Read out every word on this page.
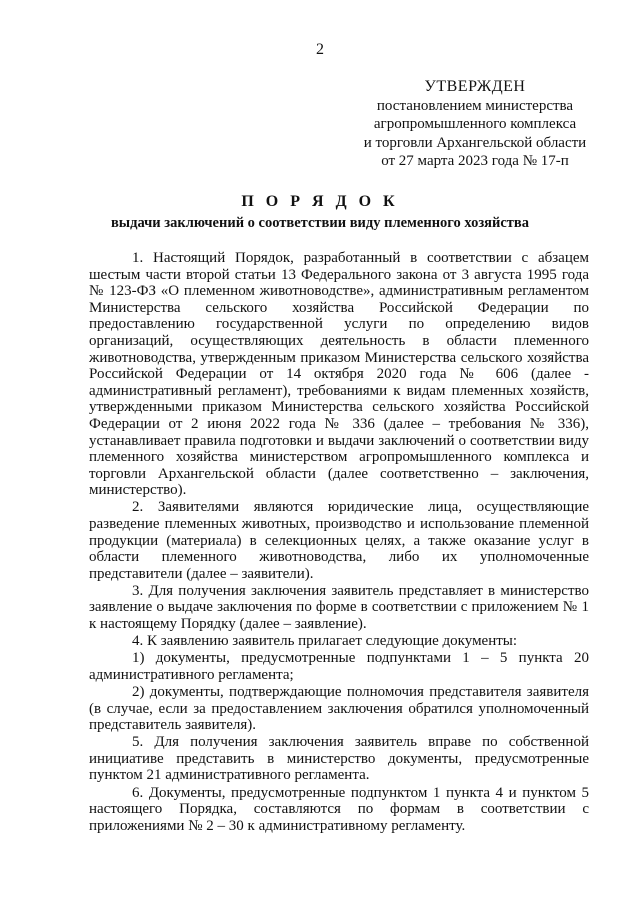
2
УТВЕРЖДЕН
постановлением министерства
агропромышленного комплекса
и торговли Архангельской области
от 27 марта 2023 года № 17-п
П О Р Я Д О К
выдачи заключений о соответствии виду племенного хозяйства

1. Настоящий Порядок, разработанный в соответствии с абзацем шестым части второй статьи 13 Федерального закона от 3 августа 1995 года № 123-ФЗ «О племенном животноводстве», административным регламентом Министерства сельского хозяйства Российской Федерации по предоставлению государственной услуги по определению видов организаций, осуществляющих деятельность в области племенного животноводства, утвержденным приказом Министерства сельского хозяйства Российской Федерации от 14 октября 2020 года № 606 (далее - административный регламент), требованиями к видам племенных хозяйств, утвержденными приказом Министерства сельского хозяйства Российской Федерации от 2 июня 2022 года № 336 (далее – требования № 336), устанавливает правила подготовки и выдачи заключений о соответствии виду племенного хозяйства министерством агропромышленного комплекса и торговли Архангельской области (далее соответственно – заключения, министерство).

2. Заявителями являются юридические лица, осуществляющие разведение племенных животных, производство и использование племенной продукции (материала) в селекционных целях, а также оказание услуг в области племенного животноводства, либо их уполномоченные представители (далее – заявители).

3. Для получения заключения заявитель представляет в министерство заявление о выдаче заключения по форме в соответствии с приложением № 1 к настоящему Порядку (далее – заявление).

4. К заявлению заявитель прилагает следующие документы:

1) документы, предусмотренные подпунктами 1 – 5 пункта 20 административного регламента;

2) документы, подтверждающие полномочия представителя заявителя (в случае, если за предоставлением заключения обратился уполномоченный представитель заявителя).

5. Для получения заключения заявитель вправе по собственной инициативе представить в министерство документы, предусмотренные пунктом 21 административного регламента.

6. Документы, предусмотренные подпунктом 1 пункта 4 и пунктом 5 настоящего Порядка, составляются по формам в соответствии с приложениями № 2 – 30 к административному регламенту.
